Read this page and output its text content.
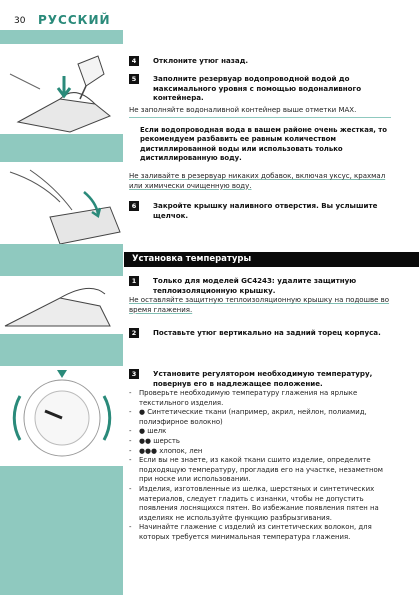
30 РУССКИЙ
4	Отклоните утюг назад.
5	Заполните резервуар водопроводной водой до максимального уровня с помощью водоналивного контейнера.
Не заполняйте водоналивной контейнер выше отметки MAX.
Если водопроводная вода в вашем районе очень жесткая, то рекомендуем разбавить ее равным количеством дистиллированной воды или использовать только дистиллированную воду.
Не заливайте в резервуар никаких добавок, включая уксус, крахмал или химически очищенную воду.
6	Закройте крышку наливного отверстия. Вы услышите щелчок.
Установка температуры
1	Только для моделей GC4243: удалите защитную теплоизоляционную крышку.
Не оставляйте защитную теплоизоляционную крышку на подошве во время глажения.
2	Поставьте утюг вертикально на задний торец корпуса.
3	Установите регулятором необходимую температуру, повернув его в надлежащее положение.
- Проверьте необходимую температуру глажения на ярлыке текстильного изделия.
- ● Синтетические ткани (например, акрил, нейлон, полиамид, полиэфирное волокно)
- ● шелк
- ●● шерсть
- ●●● хлопок, лен
- Если вы не знаете, из какой ткани сшито изделие, определите подходящую температуру, прогладив его на участке, незаметном при носке или использовании.
- Изделия, изготовленные из шелка, шерстяных и синтетических материалов, следует гладить с изнанки, чтобы не допустить появления лоснящихся пятен. Во избежание появления пятен на изделиях не используйте функцию разбрызгивания.
- Начинайте глажение с изделий из синтетических волокон, для которых требуется минимальная температура глажения.
